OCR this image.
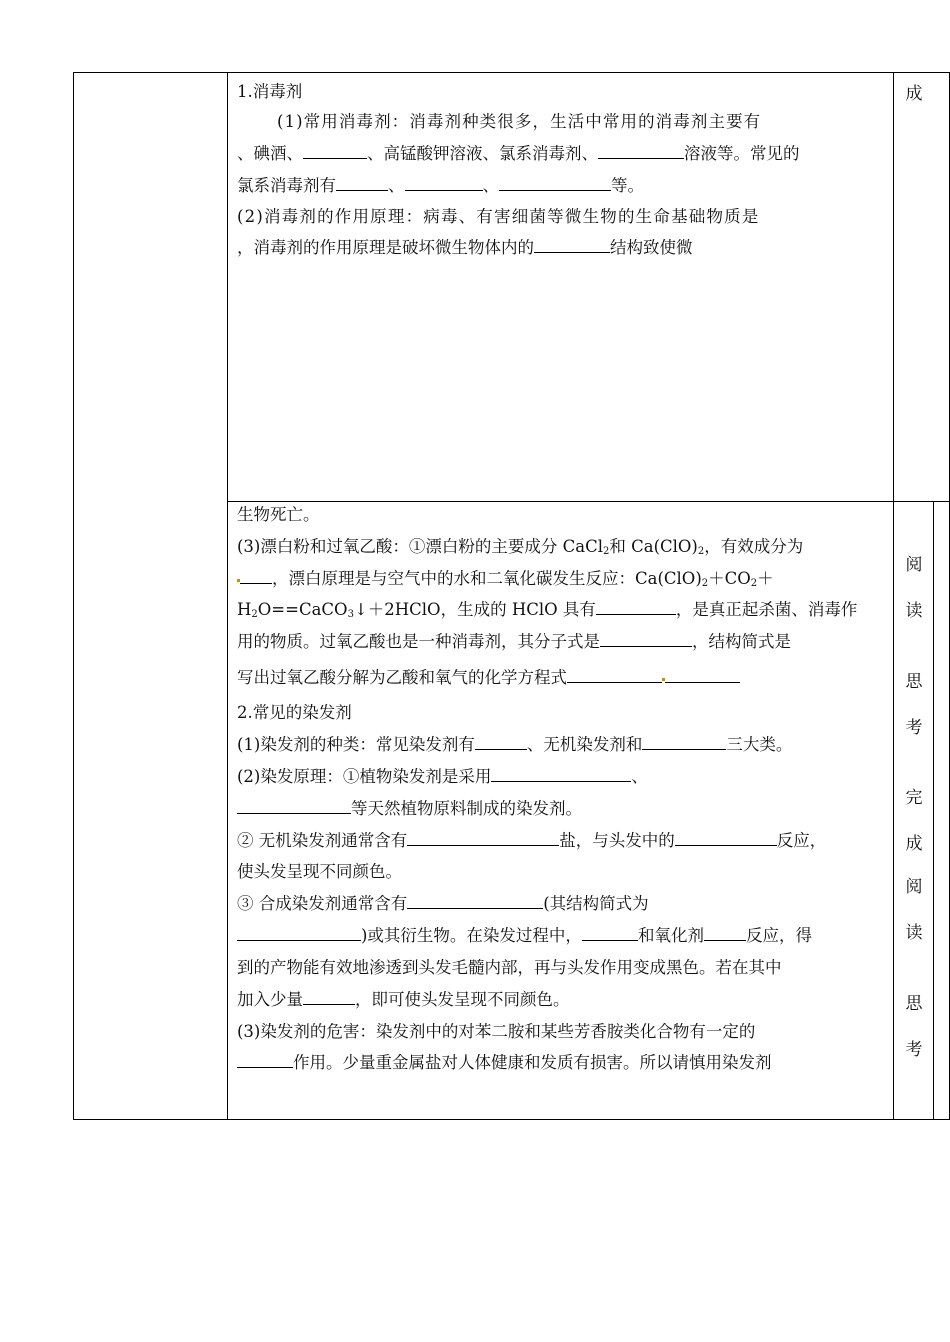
1.消毒剂
(1)常用消毒剂：消毒剂种类很多，生活中常用的消毒剂主要有
、碘酒、	、高锰酸钾溶液、氯系消毒剂、	溶液等。常见的
氯系消毒剂有	、	、	等。
(2)消毒剂的作用原理：病毒、有害细菌等微生物的生命基础物质是
，消毒剂的作用原理是破坏微生物体内的	结构致使微
成
生物死亡。
(3)漂白粉和过氧乙酸：①漂白粉的主要成分 CaCl$_2$和 $Ca(ClO)_2$，有效成分为
，漂白原理是与空气中的水和二氧化碳发生反应：$Ca(ClO)_2+CO_2+$
$H_2O==CaCO_3↓+2HClO$，生成的 HClO 具有	，是真正起杀菌、消毒作
用的物质。过氧乙酸也是一种消毒剂，其分子式是	，结构简式是
写出过氧乙酸分解为乙酸和氧气的化学方程式
2.常见的染发剂
(1)染发剂的种类：常见染发剂有	、无机染发剂和	三大类。
(2)染发原理：①植物染发剂是采用	、
等天然植物原料制成的染发剂。
② 无机染发剂通常含有	盐，与头发中的	反应，
使头发呈现不同颜色。
③ 合成染发剂通常含有	(其结构简式为
)或其衍生物。在染发过程中，	和氧化剂	反应，得
到的产物能有效地渗透到头发毛髓内部，再与头发作用变成黑色。若在其中
加入少量	，即可使头发呈现不同颜色。
(3)染发剂的危害：染发剂中的对苯二胺和某些芳香胺类化合物有一定的
作用。少量重金属盐对人体健康和发质有损害。所以请慎用染发剂
阅
读
思
考
完
成
阅
读
思
考
